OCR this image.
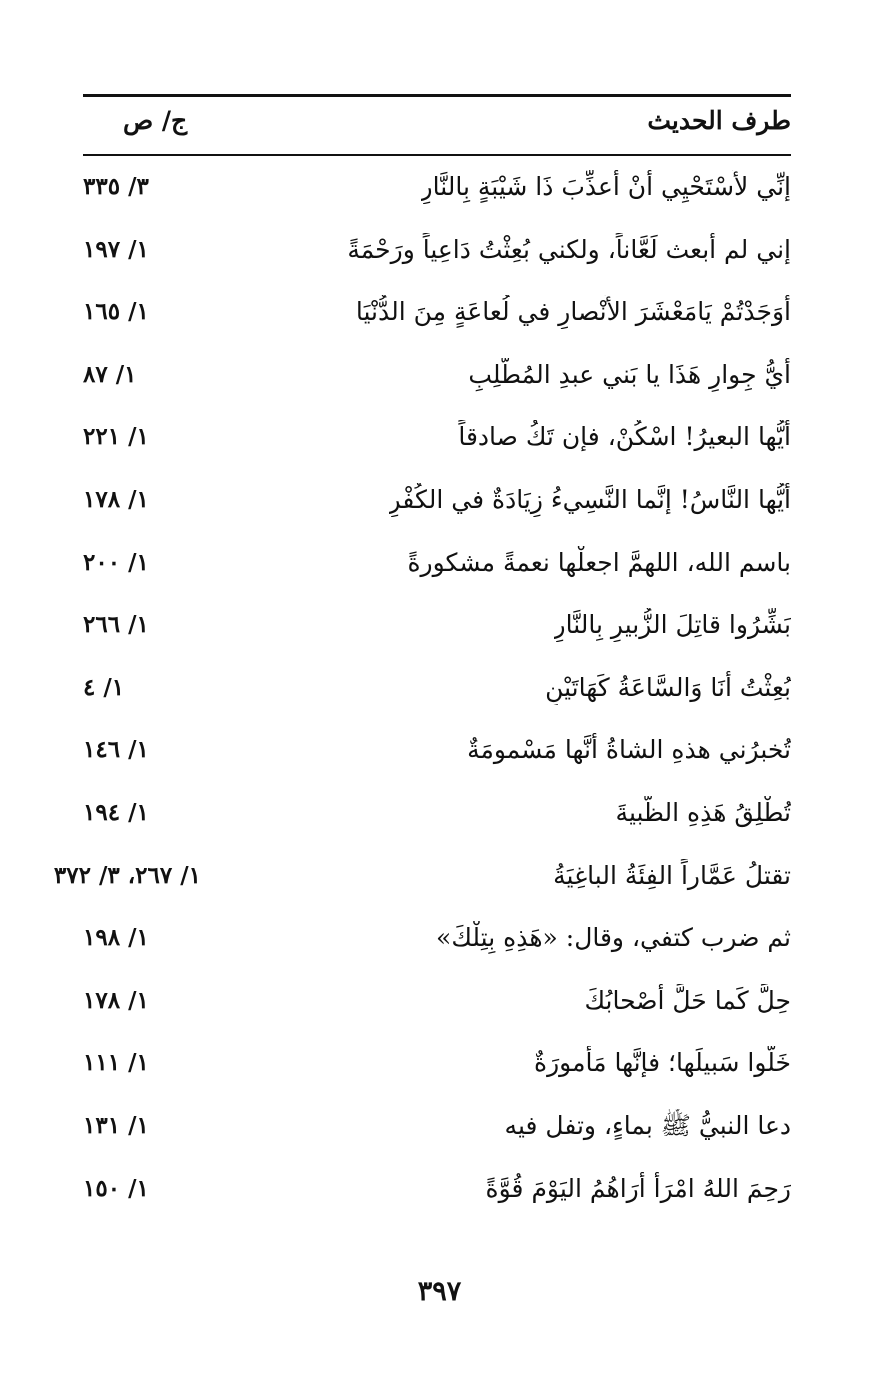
طرف الحديث
ج/ ص
إنِّي لأَسْتَحْيِي أَنْ أُعذِّبَ ذَا شَيْبَةٍ بِالنَّارِ
٣/ ٣٣٥
إني لم أُبعث لَعَّاناً، ولكني بُعِثْتُ دَاعِياً ورَحْمَةً
١/ ١٩٧
أَوَجَدْتُمْ يَامَعْشَرَ الأَنْصارِ في لُعاعَةٍ مِنَ الدُّنْيَا
١/ ١٦٥
أَيُّ جِوارٍ هَذَا يا بَني عبدِ المُطَّلِبِ
١/ ٨٧
أَيُّها البعيرُ! اسْكُنْ، فإن تَكُ صادقاً
١/ ٢٢١
أَيُّها النَّاسُ! إنَّما النَّسِيءُ زِيَادَةٌ في الكُفْرِ
١/ ١٧٨
باسم الله، اللهمَّ اجعلْها نعمةً مشكورةً
١/ ٢٠٠
بَشِّرُوا قاتِلَ الزُّبيرِ بِالنَّارِ
١/ ٢٦٦
بُعِثْتُ أَنَا وَالسَّاعَةُ كَهَاتَيْنِ
١/ ٤
تُخبرُني هذهِ الشاةُ أَنَّها مَسْمومَةٌ
١/ ١٤٦
تُطْلِقُ هَذِهِ الظَّبيةَ
١/ ١٩٤
تقتلُ عَمَّاراً الفِئَةُ الباغِيَةُ
١/ ٢٦٧، ٣/ ٣٧٢
ثم ضرب كتفي، وقال: «هَذِهِ بِتِلْكَ»
١/ ١٩٨
حِلَّ كَما حَلَّ أَصْحابُكَ
١/ ١٧٨
خَلُّوا سَبيلَها؛ فإنَّها مَأْمورَةٌ
١/ ١١١
دعا النبيُّ ﷺ بماءٍ، وتفل فيه
١/ ١٣١
رَحِمَ اللهُ امْرَأً أَرَاهُمُ اليَوْمَ قُوَّةً
١/ ١٥٠
٣٩٧
